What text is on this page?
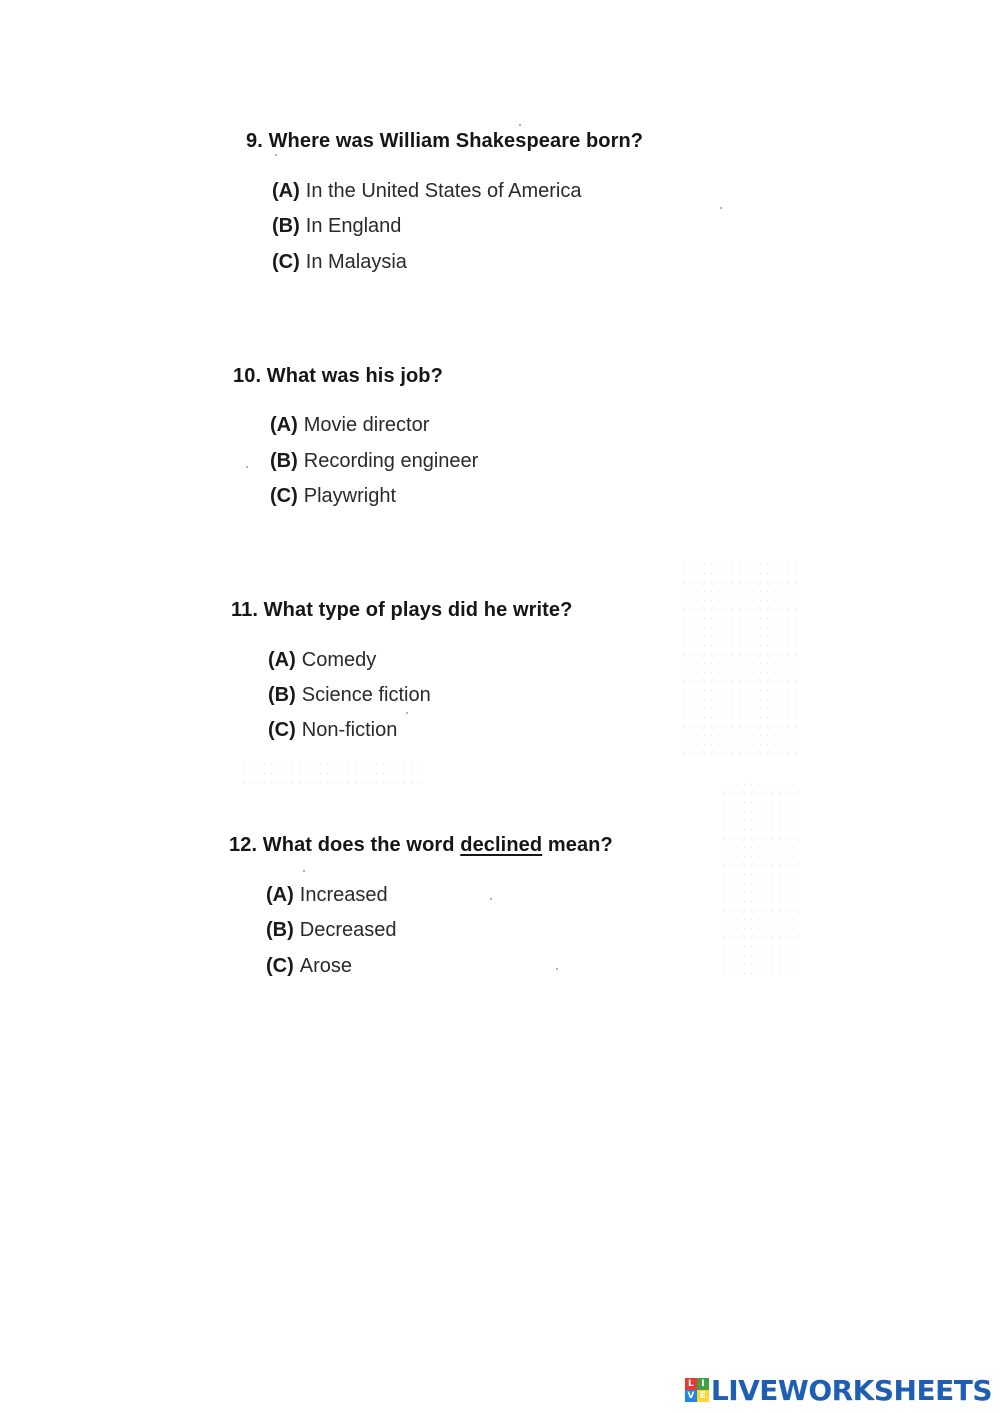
9. Where was William Shakespeare born?
(A) In the United States of America
(B) In England
(C) In Malaysia
10. What was his job?
(A) Movie director
(B) Recording engineer
(C) Playwright
11. What type of plays did he write?
(A) Comedy
(B) Science fiction
(C) Non-fiction
12. What does the word declined mean?
(A) Increased
(B) Decreased
(C) Arose
L I
V E LIVEWORKSHEETS
